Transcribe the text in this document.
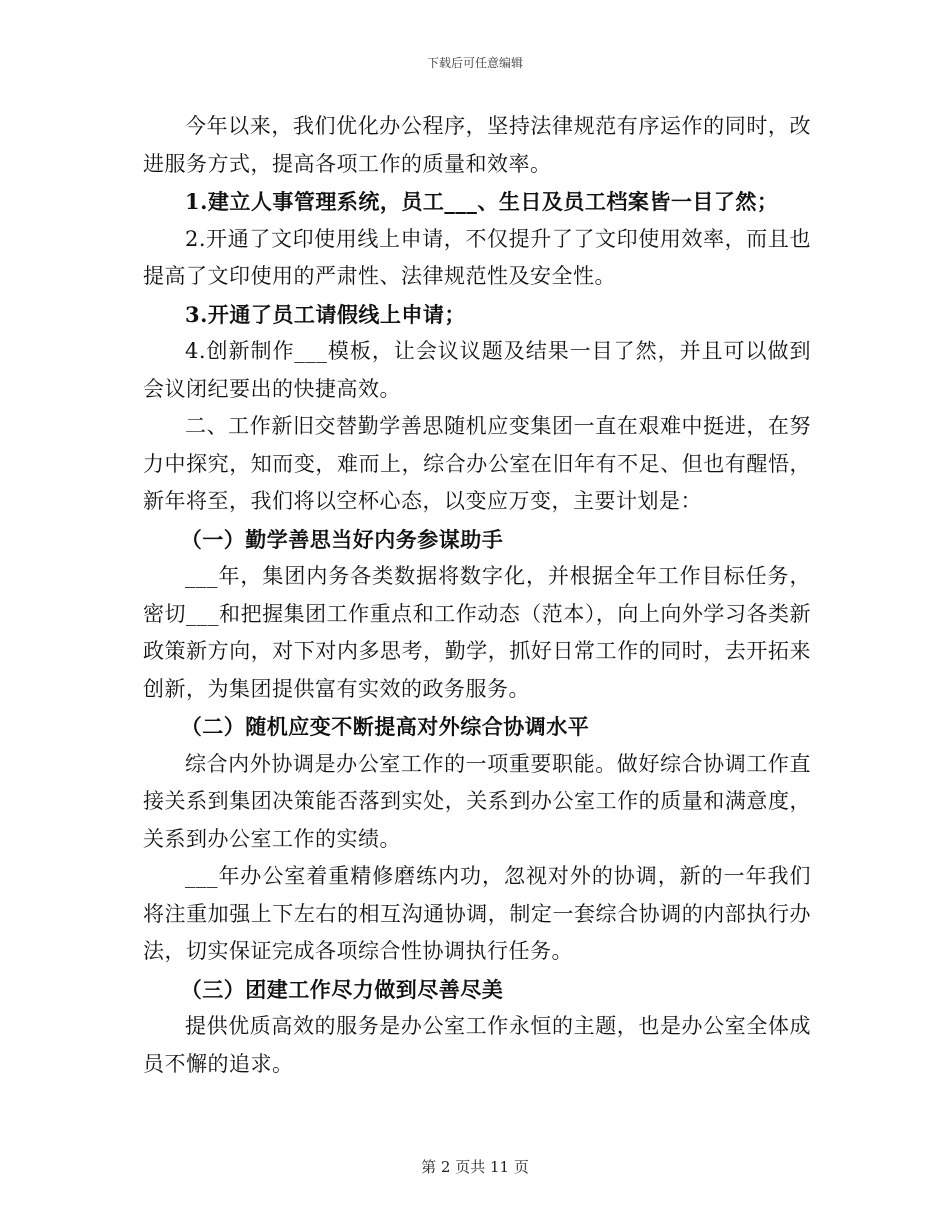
下载后可任意编辑

今年以来，我们优化办公程序，坚持法律规范有序运作的同时，改进服务方式，提高各项工作的质量和效率。

1.建立人事管理系统，员工___、生日及员工档案皆一目了然；

2.开通了文印使用线上申请，不仅提升了了文印使用效率，而且也提高了文印使用的严肃性、法律规范性及安全性。

3.开通了员工请假线上申请；

4.创新制作___模板，让会议议题及结果一目了然，并且可以做到会议闭纪要出的快捷高效。

二、工作新旧交替勤学善思随机应变集团一直在艰难中挺进，在努力中探究，知而变，难而上，综合办公室在旧年有不足、但也有醒悟，新年将至，我们将以空杯心态，以变应万变，主要计划是：

（一）勤学善思当好内务参谋助手

___年，集团内务各类数据将数字化，并根据全年工作目标任务，密切___和把握集团工作重点和工作动态（范本），向上向外学习各类新政策新方向，对下对内多思考，勤学，抓好日常工作的同时，去开拓来创新，为集团提供富有实效的政务服务。

（二）随机应变不断提高对外综合协调水平

综合内外协调是办公室工作的一项重要职能。做好综合协调工作直接关系到集团决策能否落到实处，关系到办公室工作的质量和满意度，关系到办公室工作的实绩。

___年办公室着重精修磨练内功，忽视对外的协调，新的一年我们将注重加强上下左右的相互沟通协调，制定一套综合协调的内部执行办法，切实保证完成各项综合性协调执行任务。

（三）团建工作尽力做到尽善尽美

提供优质高效的服务是办公室工作永恒的主题，也是办公室全体成员不懈的追求。

第 2 页共 11 页
